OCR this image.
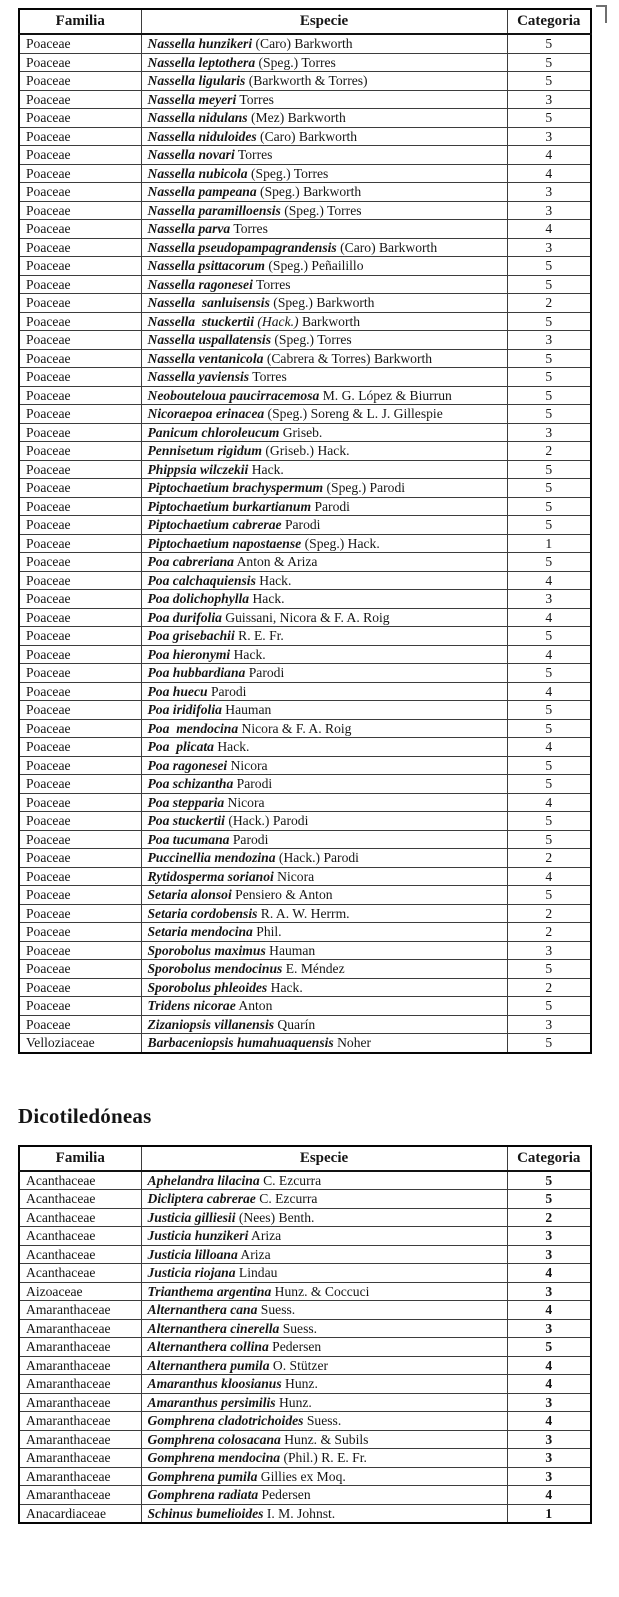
Familia	Especie	Categoria
Poaceae	Nassella hunzikeri (Caro) Barkworth	5
Poaceae	Nassella leptothera (Speg.) Torres	5
Poaceae	Nassella ligularis (Barkworth & Torres)	5
Poaceae	Nassella meyeri Torres	3
Poaceae	Nassella nidulans (Mez) Barkworth	5
Poaceae	Nassella niduloides (Caro) Barkworth	3
Poaceae	Nassella novari Torres	4
Poaceae	Nassella nubicola (Speg.) Torres	4
Poaceae	Nassella pampeana (Speg.) Barkworth	3
Poaceae	Nassella paramilloensis (Speg.) Torres	3
Poaceae	Nassella parva Torres	4
Poaceae	Nassella pseudopampagrandensis (Caro) Barkworth	3
Poaceae	Nassella psittacorum (Speg.) Peñailillo	5
Poaceae	Nassella ragonesei Torres	5
Poaceae	Nassella  sanluisensis (Speg.) Barkworth	2
Poaceae	Nassella  stuckertii (Hack.) Barkworth	5
Poaceae	Nassella uspallatensis (Speg.) Torres	3
Poaceae	Nassella ventanicola (Cabrera & Torres) Barkworth	5
Poaceae	Nassella yaviensis Torres	5
Poaceae	Neobouteloua paucirracemosa M. G. López & Biurrun	5
Poaceae	Nicoraepoa erinacea (Speg.) Soreng & L. J. Gillespie	5
Poaceae	Panicum chloroleucum Griseb.	3
Poaceae	Pennisetum rigidum (Griseb.) Hack.	2
Poaceae	Phippsia wilczekii Hack.	5
Poaceae	Piptochaetium brachyspermum (Speg.) Parodi	5
Poaceae	Piptochaetium burkartianum Parodi	5
Poaceae	Piptochaetium cabrerae Parodi	5
Poaceae	Piptochaetium napostaense (Speg.) Hack.	1
Poaceae	Poa cabreriana Anton & Ariza	5
Poaceae	Poa calchaquiensis Hack.	4
Poaceae	Poa dolichophylla Hack.	3
Poaceae	Poa durifolia Guissani, Nicora & F. A. Roig	4
Poaceae	Poa grisebachii R. E. Fr.	5
Poaceae	Poa hieronymi Hack.	4
Poaceae	Poa hubbardiana Parodi	5
Poaceae	Poa huecu Parodi	4
Poaceae	Poa iridifolia Hauman	5
Poaceae	Poa  mendocina Nicora & F. A. Roig	5
Poaceae	Poa  plicata Hack.	4
Poaceae	Poa ragonesei Nicora	5
Poaceae	Poa schizantha Parodi	5
Poaceae	Poa stepparia Nicora	4
Poaceae	Poa stuckertii (Hack.) Parodi	5
Poaceae	Poa tucumana Parodi	5
Poaceae	Puccinellia mendozina (Hack.) Parodi	2
Poaceae	Rytidosperma sorianoi Nicora	4
Poaceae	Setaria alonsoi Pensiero & Anton	5
Poaceae	Setaria cordobensis R. A. W. Herrm.	2
Poaceae	Setaria mendocina Phil.	2
Poaceae	Sporobolus maximus Hauman	3
Poaceae	Sporobolus mendocinus E. Méndez	5
Poaceae	Sporobolus phleoides Hack.	2
Poaceae	Tridens nicorae Anton	5
Poaceae	Zizaniopsis villanensis Quarín	3
Velloziaceae	Barbaceniopsis humahuaquensis Noher	5
Dicotiledóneas
Familia	Especie	Categoria
Acanthaceae	Aphelandra lilacina C. Ezcurra	5
Acanthaceae	Dicliptera cabrerae C. Ezcurra	5
Acanthaceae	Justicia gilliesii (Nees) Benth.	2
Acanthaceae	Justicia hunzikeri Ariza	3
Acanthaceae	Justicia lilloana Ariza	3
Acanthaceae	Justicia riojana Lindau	4
Aizoaceae	Trianthema argentina Hunz. & Coccuci	3
Amaranthaceae	Alternanthera cana Suess.	4
Amaranthaceae	Alternanthera cinerella Suess.	3
Amaranthaceae	Alternanthera collina Pedersen	5
Amaranthaceae	Alternanthera pumila O. Stützer	4
Amaranthaceae	Amaranthus kloosianus Hunz.	4
Amaranthaceae	Amaranthus persimilis Hunz.	3
Amaranthaceae	Gomphrena cladotrichoides Suess.	4
Amaranthaceae	Gomphrena colosacana Hunz. & Subils	3
Amaranthaceae	Gomphrena mendocina (Phil.) R. E. Fr.	3
Amaranthaceae	Gomphrena pumila Gillies ex Moq.	3
Amaranthaceae	Gomphrena radiata Pedersen	4
Anacardiaceae	Schinus bumelioides I. M. Johnst.	1
